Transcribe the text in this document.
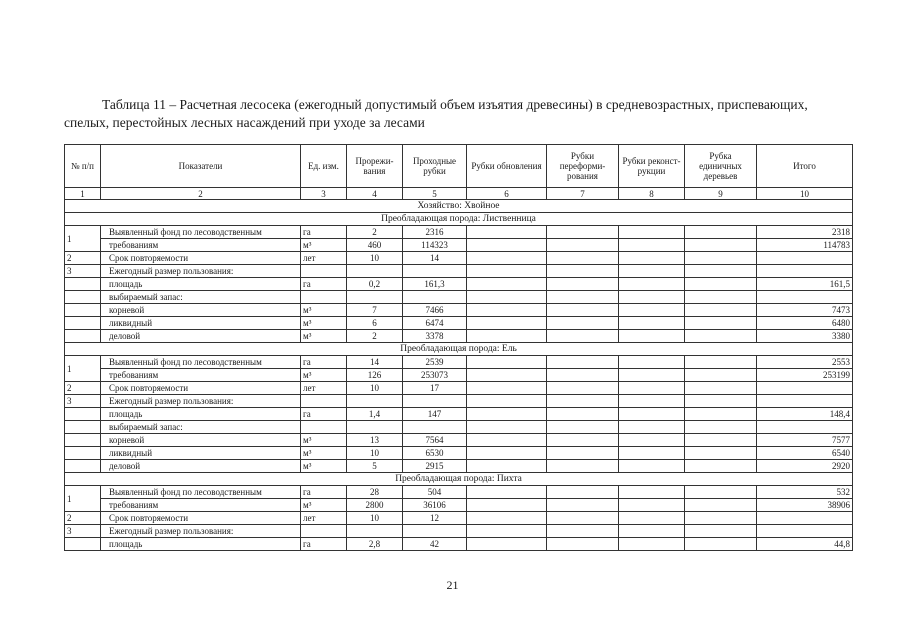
Таблица 11 – Расчетная лесосека (ежегодный допустимый объем изъятия древесины) в средневозрастных, приспевающих, спелых, перестойных лесных насаждений при уходе за лесами
№ п/п	Показатели	Ед. изм.	Прорежи-вания	Проходные рубки	Рубки обновления	Рубки переформи-рования	Рубки реконст-рукции	Рубка единичных деревьев	Итого
1	2	3	4	5	6	7	8	9	10
Хозяйство: Хвойное									
Преобладающая порода: Лиственница									
1	Выявленный фонд по лесоводственным	га	2	2316					2318
	требованиям	м³	460	114323					114783
2	Срок повторяемости	лет	10	14					
3	Ежегодный размер пользования:								
	площадь	га	0,2	161,3					161,5
	выбираемый запас:								
	корневой	м³	7	7466					7473
	ликвидный	м³	6	6474					6480
	деловой	м³	2	3378					3380
Преобладающая порода: Ель									
1	Выявленный фонд по лесоводственным	га	14	2539					2553
	требованиям	м³	126	253073					253199
2	Срок повторяемости	лет	10	17					
3	Ежегодный размер пользования:								
	площадь	га	1,4	147					148,4
	выбираемый запас:								
	корневой	м³	13	7564					7577
	ликвидный	м³	10	6530					6540
	деловой	м³	5	2915					2920
Преобладающая порода: Пихта									
1	Выявленный фонд по лесоводственным	га	28	504					532
	требованиям	м³	2800	36106					38906
2	Срок повторяемости	лет	10	12					
3	Ежегодный размер пользования:								
	площадь	га	2,8	42					44,8
21
